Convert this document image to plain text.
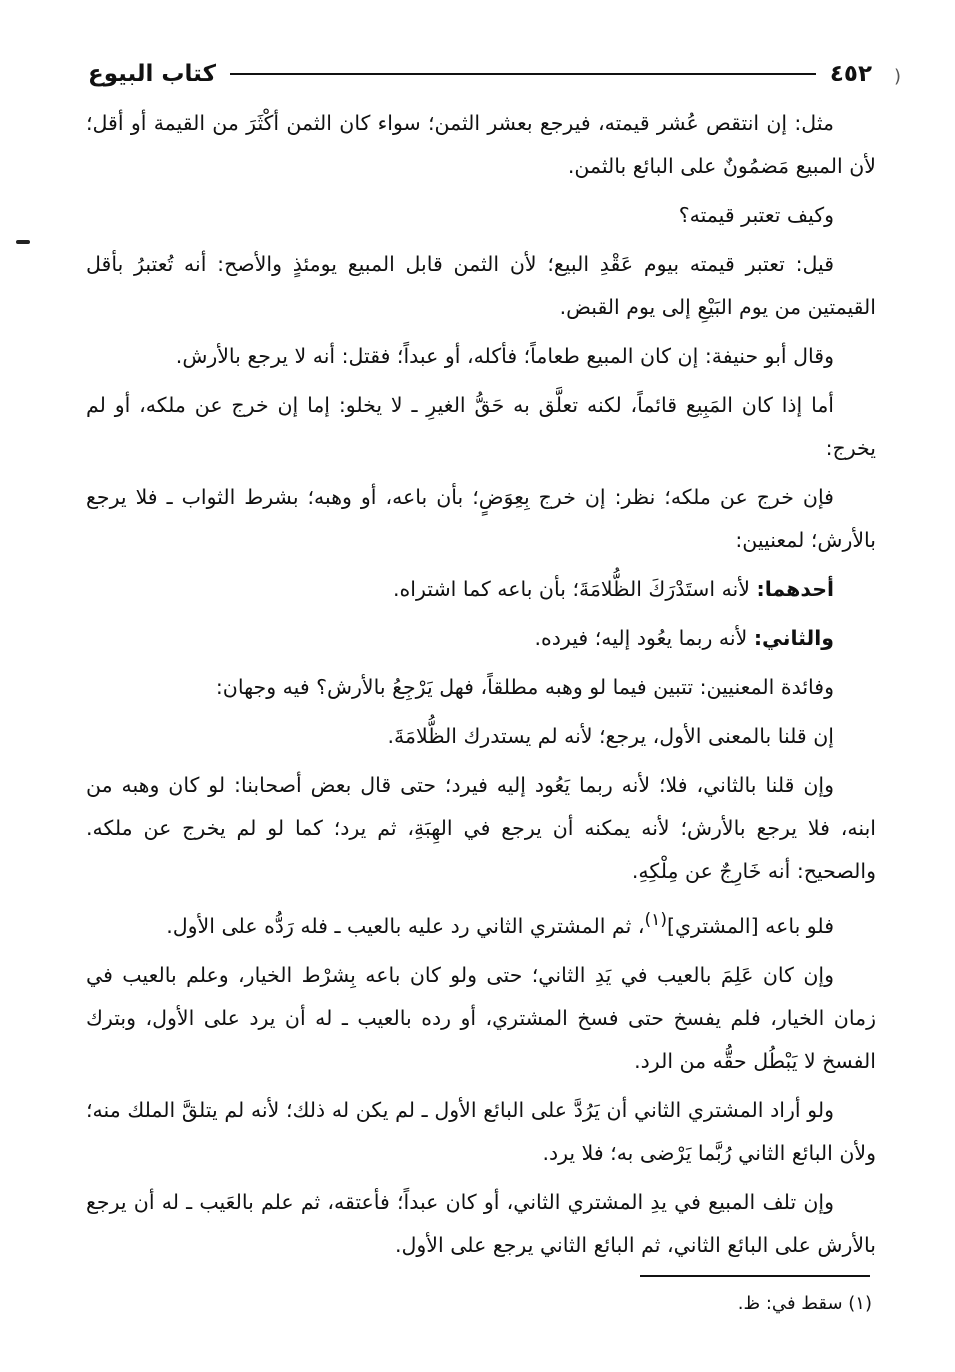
(
٤٥٢
كتاب البيوع

مثل: إن انتقص عُشر قيمته، فيرجع بعشر الثمن؛ سواء كان الثمن أكْثَرَ من القيمة أو أقل؛ لأن المبيع مَضمُونٌ على البائع بالثمن.

وكيف تعتبر قيمته؟

قيل: تعتبر قيمته بيوم عَقْدِ البيع؛ لأن الثمن قابل المبيع يومئذٍ والأصح: أنه تُعتبرُ بأقل القيمتين من يوم البَيْعِ إلى يوم القبض.

وقال أبو حنيفة: إن كان المبيع طعاماً؛ فأكله، أو عبداً؛ فقتل: أنه لا يرجع بالأرش.

أما إذا كان المَبِيع قائماً، لكنه تعلَّق به حَقُّ الغيرِ ـ لا يخلو: إما إن خرج عن ملكه، أو لم يخرج:

فإن خرج عن ملكه؛ نظر: إن خرج بِعِوَضٍ؛ بأن باعه، أو وهبه؛ بشرط الثواب ـ فلا يرجع بالأرش؛ لمعنيين:

أحدهما: لأنه استَدْرَكَ الظُّلامَةَ؛ بأن باعه كما اشتراه.

والثاني: لأنه ربما يعُود إليه؛ فيرده.

وفائدة المعنيين: تتبين فيما لو وهبه مطلقاً، فهل يَرْجِعُ بالأرش؟ فيه وجهان:

إن قلنا بالمعنى الأول، يرجع؛ لأنه لم يستدرك الظُّلامَةَ.

وإن قلنا بالثاني، فلا؛ لأنه ربما يَعُود إليه فيرد؛ حتى قال بعض أصحابنا: لو كان وهبه من ابنه، فلا يرجع بالأرش؛ لأنه يمكنه أن يرجع في الهِبَةِ، ثم يرد؛ كما لو لم يخرج عن ملكه. والصحيح: أنه خَارِجٌ عن مِلْكِهِ.

فلو باعه [المشتري]$^{(١)}$، ثم المشتري الثاني رد عليه بالعيب ـ فله رَدُّه على الأول.

وإن كان عَلِمَ بالعيب في يَدِ الثاني؛ حتى ولو كان باعه بِشرْط الخيار، وعلم بالعيب في زمان الخيار، فلم يفسخ حتى فسخ المشتري، أو رده بالعيب ـ له أن يرد على الأول، وبترك الفسخ لا يَبْطُل حقُّه من الرد.

ولو أراد المشتري الثاني أن يَرُدَّ على البائع الأول ـ لم يكن له ذلك؛ لأنه لم يتلقَّ الملك منه؛ ولأن البائع الثاني رُبَّما يَرْضى به؛ فلا يرد.

وإن تلف المبيع في يدِ المشتري الثاني، أو كان عبداً؛ فأعتقه، ثم علم بالعَيب ـ له أن يرجع بالأرش على البائع الثاني، ثم البائع الثاني يرجع على الأول.

(١) سقط في: ظ.
